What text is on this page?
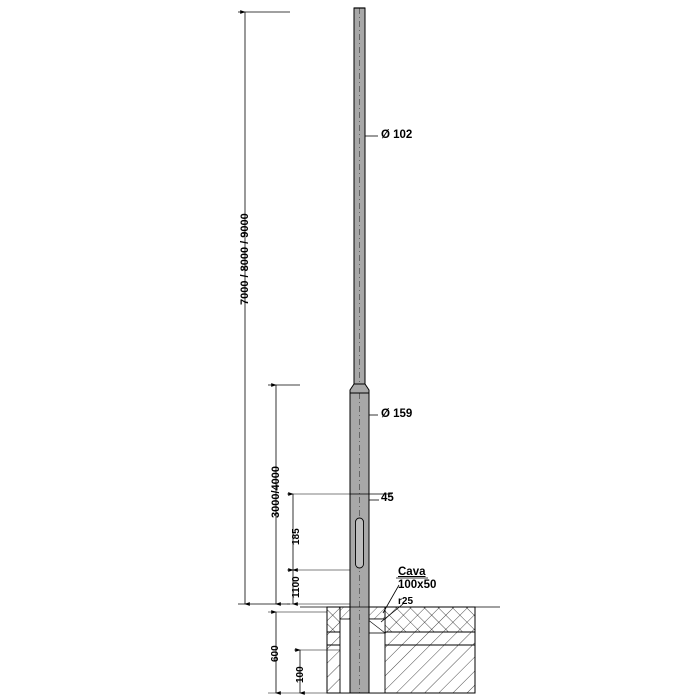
7000 / 8000 / 9000
3000/4000
185
1100
600
100
Ø 102
Ø 159
45
Cava
100x50
r25
